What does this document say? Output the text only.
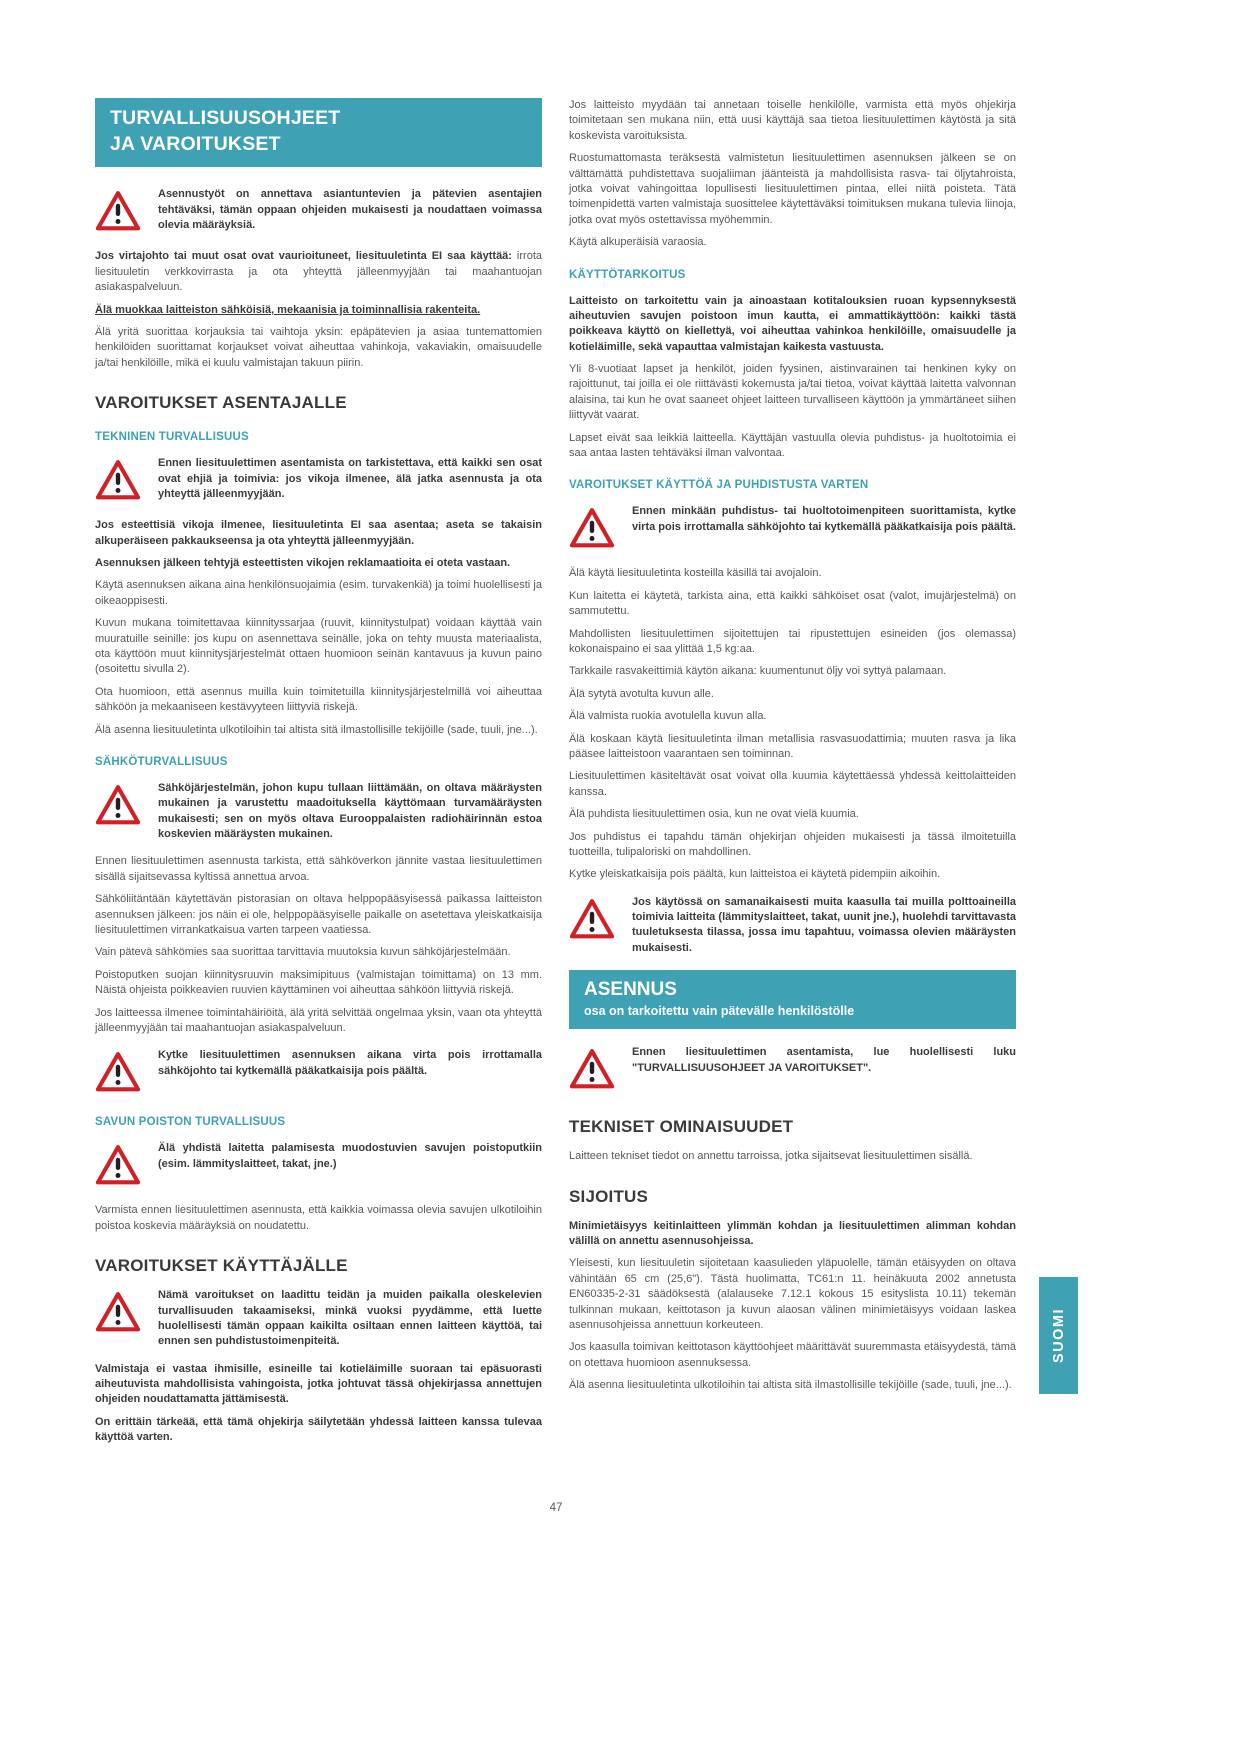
TURVALLISUUSOHJEET
JA VAROITUKSET
Asennustyöt on annettava asiantuntevien ja pätevien asentajien tehtäväksi, tämän oppaan ohjeiden mukaisesti ja noudattaen voimassa olevia määräyksiä.

Jos virtajohto tai muut osat ovat vaurioituneet, liesituuletinta EI saa käyttää: irrota liesituuletin verkkovirrasta ja ota yhteyttä jälleenmyyjään tai maahantuojan asiakaspalveluun.

Älä muokkaa laitteiston sähköisiä, mekaanisia ja toiminnallisia rakenteita.

Älä yritä suorittaa korjauksia tai vaihtoja yksin: epäpätevien ja asiaa tuntemattomien henkilöiden suorittamat korjaukset voivat aiheuttaa vahinkoja, vakaviakin, omaisuudelle ja/tai henkilöille, mikä ei kuulu valmistajan takuun piirin.

VAROITUKSET ASENTAJALLE
TEKNINEN TURVALLISUUS
Ennen liesituulettimen asentamista on tarkistettava, että kaikki sen osat ovat ehjiä ja toimivia: jos vikoja ilmenee, älä jatka asennusta ja ota yhteyttä jälleenmyyjään.

Jos esteettisiä vikoja ilmenee, liesituuletinta EI saa asentaa; aseta se takaisin alkuperäiseen pakkaukseensa ja ota yhteyttä jälleenmyyjään.

Asennuksen jälkeen tehtyjä esteettisten vikojen reklamaatioita ei oteta vastaan.

Käytä asennuksen aikana aina henkilönsuojaimia (esim. turvakenkiä) ja toimi huolellisesti ja oikeaoppisesti.

Kuvun mukana toimitettavaa kiinnityssarjaa (ruuvit, kiinnitystulpat) voidaan käyttää vain muuratuille seinille: jos kupu on asennettava seinälle, joka on tehty muusta materiaalista, ota käyttöön muut kiinnitysjärjestelmät ottaen huomioon seinän kantavuus ja kuvun paino (osoitettu sivulla 2).

Ota huomioon, että asennus muilla kuin toimitetuilla kiinnitysjärjestelmillä voi aiheuttaa sähköön ja mekaaniseen kestävyyteen liittyviä riskejä.

Älä asenna liesituuletinta ulkotiloihin tai altista sitä ilmastollisille tekijöille (sade, tuuli, jne...).

SÄHKÖTURVALLISUUS
Sähköjärjestelmän, johon kupu tullaan liittämään, on oltava määräysten mukainen ja varustettu maadoituksella käyttömaan turvamääräysten mukaisesti; sen on myös oltava Eurooppalaisten radiohäirinnän estoa koskevien määräysten mukainen.

Ennen liesituulettimen asennusta tarkista, että sähköverkon jännite vastaa liesituulettimen sisällä sijaitsevassa kyltissä annettua arvoa.

Sähköliitäntään käytettävän pistorasian on oltava helppopääsyisessä paikassa laitteiston asennuksen jälkeen: jos näin ei ole, helppopääsyiselle paikalle on asetettava yleiskatkaisija liesituulettimen virrankatkaisua varten tarpeen vaatiessa.

Vain pätevä sähkömies saa suorittaa tarvittavia muutoksia kuvun sähköjärjestelmään.

Poistoputken suojan kiinnitysruuvin maksimipituus (valmistajan toimittama) on 13 mm. Näistä ohjeista poikkeavien ruuvien käyttäminen voi aiheuttaa sähköön liittyviä riskejä.

Jos laitteessa ilmenee toimintahäiriöitä, älä yritä selvittää ongelmaa yksin, vaan ota yhteyttä jälleenmyyjään tai maahantuojan asiakaspalveluun.

Kytke liesituulettimen asennuksen aikana virta pois irrottamalla sähköjohto tai kytkemällä pääkatkaisija pois päältä.
SAVUN POISTON TURVALLISUUS
Älä yhdistä laitetta palamisesta muodostuvien savujen poistoputkiin (esim. lämmityslaitteet, takat, jne.)

Varmista ennen liesituulettimen asennusta, että kaikkia voimassa olevia savujen ulkotiloihin poistoa koskevia määräyksiä on noudatettu.

VAROITUKSET KÄYTTÄJÄLLE
Nämä varoitukset on laadittu teidän ja muiden paikalla oleskelevien turvallisuuden takaamiseksi, minkä vuoksi pyydämme, että luette huolellisesti tämän oppaan kaikilta osiltaan ennen laitteen käyttöä, tai ennen sen puhdistustoimenpiteitä.

Valmistaja ei vastaa ihmisille, esineille tai kotieläimille suoraan tai epäsuorasti aiheutuvista mahdollisista vahingoista, jotka johtuvat tässä ohjekirjassa annettujen ohjeiden noudattamatta jättämisestä.

On erittäin tärkeää, että tämä ohjekirja säilytetään yhdessä laitteen kanssa tulevaa käyttöä varten.

Jos laitteisto myydään tai annetaan toiselle henkilölle, varmista että myös ohjekirja toimitetaan sen mukana niin, että uusi käyttäjä saa tietoa liesituulettimen käytöstä ja sitä koskevista varoituksista.

Ruostumattomasta teräksestä valmistetun liesituulettimen asennuksen jälkeen se on välttämättä puhdistettava suojaliiman jäänteistä ja mahdollisista rasva- tai öljytahroista, jotka voivat vahingoittaa lopullisesti liesituulettimen pintaa, ellei niitä poisteta. Tätä toimenpidettä varten valmistaja suosittelee käytettäväksi toimituksen mukana tulevia liinoja, jotka ovat myös ostettavissa myöhemmin.

Käytä alkuperäisiä varaosia.

KÄYTTÖTARKOITUS

Laitteisto on tarkoitettu vain ja ainoastaan kotitalouksien ruoan kypsennyksestä aiheutuvien savujen poistoon imun kautta, ei ammattikäyttöön: kaikki tästä poikkeava käyttö on kiellettyä, voi aiheuttaa vahinkoa henkilöille, omaisuudelle ja kotieläimille, sekä vapauttaa valmistajan kaikesta vastuusta.

Yli 8-vuotiaat lapset ja henkilöt, joiden fyysinen, aistinvarainen tai henkinen kyky on rajoittunut, tai joilla ei ole riittävästi kokemusta ja/tai tietoa, voivat käyttää laitetta valvonnan alaisina, tai kun he ovat saaneet ohjeet laitteen turvalliseen käyttöön ja ymmärtäneet siihen liittyvät vaarat.

Lapset eivät saa leikkiä laitteella. Käyttäjän vastuulla olevia puhdistus- ja huoltotoimia ei saa antaa lasten tehtäväksi ilman valvontaa.

VAROITUKSET KÄYTTÖÄ JA PUHDISTUSTA VARTEN
Ennen minkään puhdistus- tai huoltotoimenpiteen suorittamista, kytke virta pois irrottamalla sähköjohto tai kytkemällä pääkatkaisija pois päältä.

Älä käytä liesituuletinta kosteilla käsillä tai avojaloin.

Kun laitetta ei käytetä, tarkista aina, että kaikki sähköiset osat (valot, imujärjestelmä) on sammutettu.

Mahdollisten liesituulettimen sijoitettujen tai ripustettujen esineiden (jos olemassa) kokonaispaino ei saa ylittää 1,5 kg:aa.

Tarkkaile rasvakeittimiä käytön aikana: kuumentunut öljy voi syttyä palamaan.

Älä sytytä avotulta kuvun alle.

Älä valmista ruokia avotulella kuvun alla.

Älä koskaan käytä liesituuletinta ilman metallisia rasvasuodattimia; muuten rasva ja lika pääsee laitteistoon vaarantaen sen toiminnan.

Liesituulettimen käsiteltävät osat voivat olla kuumia käytettäessä yhdessä keittolaitteiden kanssa.

Älä puhdista liesituulettimen osia, kun ne ovat vielä kuumia.

Jos puhdistus ei tapahdu tämän ohjekirjan ohjeiden mukaisesti ja tässä ilmoitetuilla tuotteilla, tulipaloriski on mahdollinen.

Kytke yleiskatkaisija pois päältä, kun laitteistoa ei käytetä pidempiin aikoihin.

Jos käytössä on samanaikaisesti muita kaasulla tai muilla polttoaineilla toimivia laitteita (lämmityslaitteet, takat, uunit jne.), huolehdi tarvittavasta tuuletuksesta tilassa, jossa imu tapahtuu, voimassa olevien määräysten mukaisesti.
ASENNUS
osa on tarkoitettu vain pätevälle henkilöstölle
Ennen liesituulettimen asentamista, lue huolellisesti luku "TURVALLISUUSOHJEET JA VAROITUKSET".
TEKNISET OMINAISUUDET

Laitteen tekniset tiedot on annettu tarroissa, jotka sijaitsevat liesituulettimen sisällä.

SIJOITUS

Minimietäisyys keitinlaitteen ylimmän kohdan ja liesituulettimen alimman kohdan välillä on annettu asennusohjeissa.

Yleisesti, kun liesituuletin sijoitetaan kaasulieden yläpuolelle, tämän etäisyyden on oltava vähintään 65 cm (25,6"). Tästä huolimatta, TC61:n 11. heinäkuuta 2002 annetusta EN60335-2-31 säädöksestä (alalauseke 7.12.1 kokous 15 esityslista 10.11) tekemän tulkinnan mukaan, keittotason ja kuvun alaosan välinen minimietäisyys voidaan laskea asennusohjeissa annettuun korkeuteen.

Jos kaasulla toimivan keittotason käyttöohjeet määrittävät suuremmasta etäisyydestä, tämä on otettava huomioon asennuksessa.

Älä asenna liesituuletinta ulkotiloihin tai altista sitä ilmastollisille tekijöille (sade, tuuli, jne...).

SUOMI
47
